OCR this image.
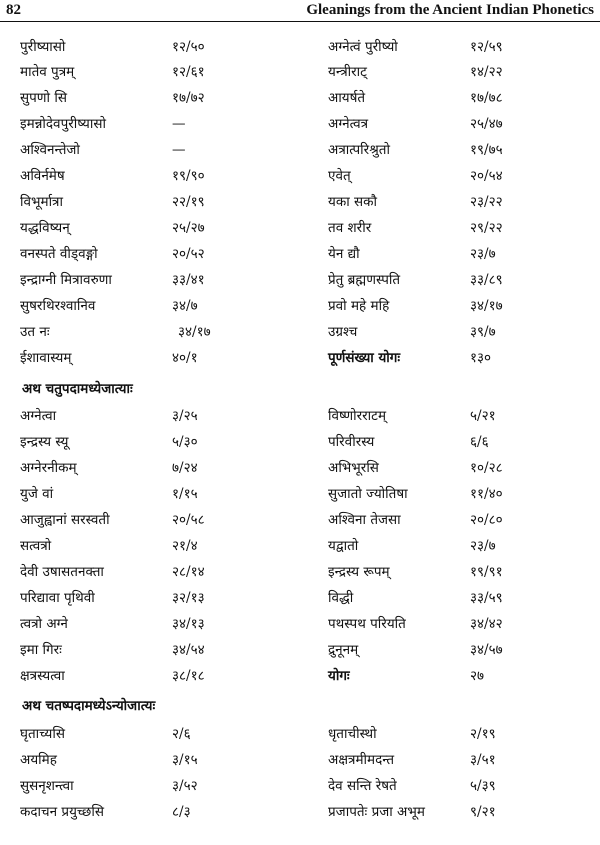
82	Gleanings from the Ancient Indian Phonetics
पुरीष्यासो	१२/५०	अग्नेत्वं पुरीष्यो	१२/५९
मातेव पुत्रम्	१२/६१	यन्त्रीराट्	१४/२२
सुपणो सि	१७/७२	आयर्षते	१७/७८
इमन्नोदेवपुरीष्यासो	—	अग्नेत्वत्र	२५/४७
अश्विनन्तेजो	—	अत्रात्परिश्रुतो	१९/७५
अविर्नमेष	१९/९०	एवेत्	२०/५४
विभूर्मात्रा	२२/१९	यका सकौ	२३/२२
यद्धविष्यन्	२५/२७	तव शरीर	२९/२२
वनस्पते वीड्वङ्गो	२०/५२	येन द्यौ	२३/७
इन्द्राग्नी मित्रावरुणा	३३/४१	प्रेतु ब्रह्मणस्पति	३३/८९
सुषरथिरश्वानिव	३४/७	प्रवो महे महि	३४/१७
उत नः	३४/१७	उग्रश्च	३९/७
ईशावास्यम्	४०/१	पूर्णसंख्या योगः	१३०
अथ चतुपदामध्येजात्याः
अग्नेत्वा	३/२५	विष्णोरराटम्	५/२१
इन्द्रस्य स्यू	५/३०	परिवीरस्य	६/६
अग्नेरनीकम्	७/२४	अभिभूरसि	१०/२८
युजे वां	१/१५	सुजातो ज्योतिषा	११/४०
आजुह्वानां सरस्वती	२०/५८	अश्विना तेजसा	२०/८०
सत्वत्रो	२१/४	यद्वातो	२३/७
देवी उषासतनक्ता	२८/१४	इन्द्रस्य रूपम्	१९/९१
परिद्यावा पृथिवी	३२/१३	विद्धी	३३/५९
त्वत्रो अग्ने	३४/१३	पथस्पथ परियति	३४/४२
इमा गिरः	३४/५४	द्रुनूनम्	३४/५७
क्षत्रस्यत्वा	३८/१८	योगः	२७
अथ चतष्पदामध्येऽन्योजात्यः
घृताच्यसि	२/६	धृताचीस्थो	२/१९
अयमिह	३/१५	अक्षत्रमीमदन्त	३/५१
सुसनृशन्त्वा	३/५२	देव सन्ति रेषते	५/३९
कदाचन प्रयुच्छसि	८/३	प्रजापतेः प्रजा अभूम	९/२१
